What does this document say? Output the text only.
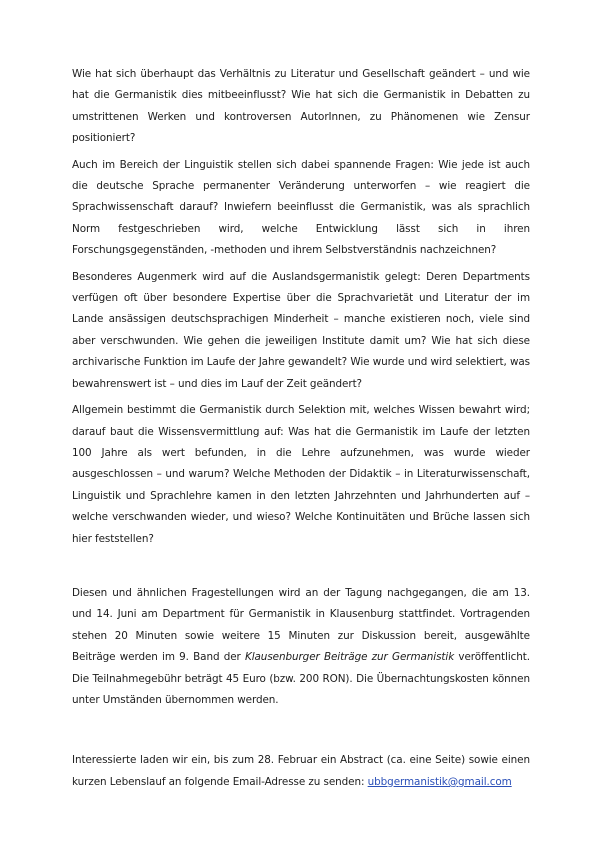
Wie hat sich überhaupt das Verhältnis zu Literatur und Gesellschaft geändert – und wie hat die Germanistik dies mitbeeinflusst? Wie hat sich die Germanistik in Debatten zu umstrittenen Werken und kontroversen AutorInnen, zu Phänomenen wie Zensur positioniert?

Auch im Bereich der Linguistik stellen sich dabei spannende Fragen: Wie jede ist auch die deutsche Sprache permanenter Veränderung unterworfen – wie reagiert die Sprachwissenschaft darauf? Inwiefern beeinflusst die Germanistik, was als sprachlich Norm festgeschrieben wird, welche Entwicklung lässt sich in ihren Forschungsgegenständen, -methoden und ihrem Selbstverständnis nachzeichnen?

Besonderes Augenmerk wird auf die Auslandsgermanistik gelegt: Deren Departments verfügen oft über besondere Expertise über die Sprachvarietät und Literatur der im Lande ansässigen deutschsprachigen Minderheit – manche existieren noch, viele sind aber verschwunden. Wie gehen die jeweiligen Institute damit um? Wie hat sich diese archivarische Funktion im Laufe der Jahre gewandelt? Wie wurde und wird selektiert, was bewahrenswert ist – und dies im Lauf der Zeit geändert?

Allgemein bestimmt die Germanistik durch Selektion mit, welches Wissen bewahrt wird; darauf baut die Wissensvermittlung auf: Was hat die Germanistik im Laufe der letzten 100 Jahre als wert befunden, in die Lehre aufzunehmen, was wurde wieder ausgeschlossen – und warum? Welche Methoden der Didaktik – in Literaturwissenschaft, Linguistik und Sprachlehre kamen in den letzten Jahrzehnten und Jahrhunderten auf – welche verschwanden wieder, und wieso? Welche Kontinuitäten und Brüche lassen sich hier feststellen?

Diesen und ähnlichen Fragestellungen wird an der Tagung nachgegangen, die am 13. und 14. Juni am Department für Germanistik in Klausenburg stattfindet. Vortragenden stehen 20 Minuten sowie weitere 15 Minuten zur Diskussion bereit, ausgewählte Beiträge werden im 9. Band der Klausenburger Beiträge zur Germanistik veröffentlicht. Die Teilnahmegebühr beträgt 45 Euro (bzw. 200 RON). Die Übernachtungskosten können unter Umständen übernommen werden.

Interessierte laden wir ein, bis zum 28. Februar ein Abstract (ca. eine Seite) sowie einen kurzen Lebenslauf an folgende Email-Adresse zu senden: ubbgermanistik@gmail.com
